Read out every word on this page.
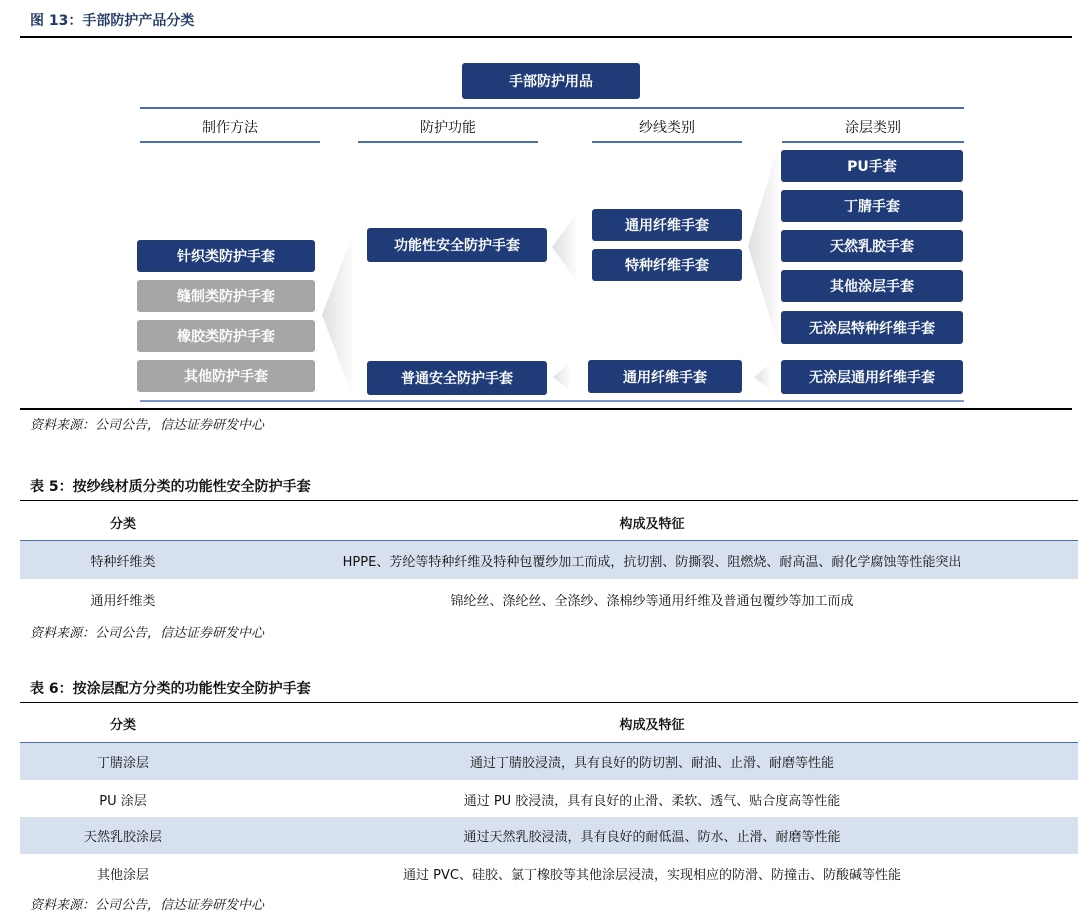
图 13：手部防护产品分类
手部防护用品
制作方法	防护功能	纱线类别	涂层类别
针织类防护手套
缝制类防护手套
橡胶类防护手套
其他防护手套
功能性安全防护手套
普通安全防护手套
通用纤维手套
特种纤维手套
通用纤维手套
PU手套
丁腈手套
天然乳胶手套
其他涂层手套
无涂层特种纤维手套
无涂层通用纤维手套
资料来源：公司公告，信达证券研发中心
表 5：按纱线材质分类的功能性安全防护手套
分类	构成及特征
特种纤维类	HPPE、芳纶等特种纤维及特种包覆纱加工而成，抗切割、防撕裂、阻燃烧、耐高温、耐化学腐蚀等性能突出
通用纤维类	锦纶丝、涤纶丝、全涤纱、涤棉纱等通用纤维及普通包覆纱等加工而成
资料来源：公司公告，信达证券研发中心
表 6：按涂层配方分类的功能性安全防护手套
分类	构成及特征
丁腈涂层	通过丁腈胶浸渍，具有良好的防切割、耐油、止滑、耐磨等性能
PU 涂层	通过 PU 胶浸渍，具有良好的止滑、柔软、透气、贴合度高等性能
天然乳胶涂层	通过天然乳胶浸渍，具有良好的耐低温、防水、止滑、耐磨等性能
其他涂层	通过 PVC、硅胶、氯丁橡胶等其他涂层浸渍，实现相应的防滑、防撞击、防酸碱等性能
资料来源：公司公告，信达证券研发中心
